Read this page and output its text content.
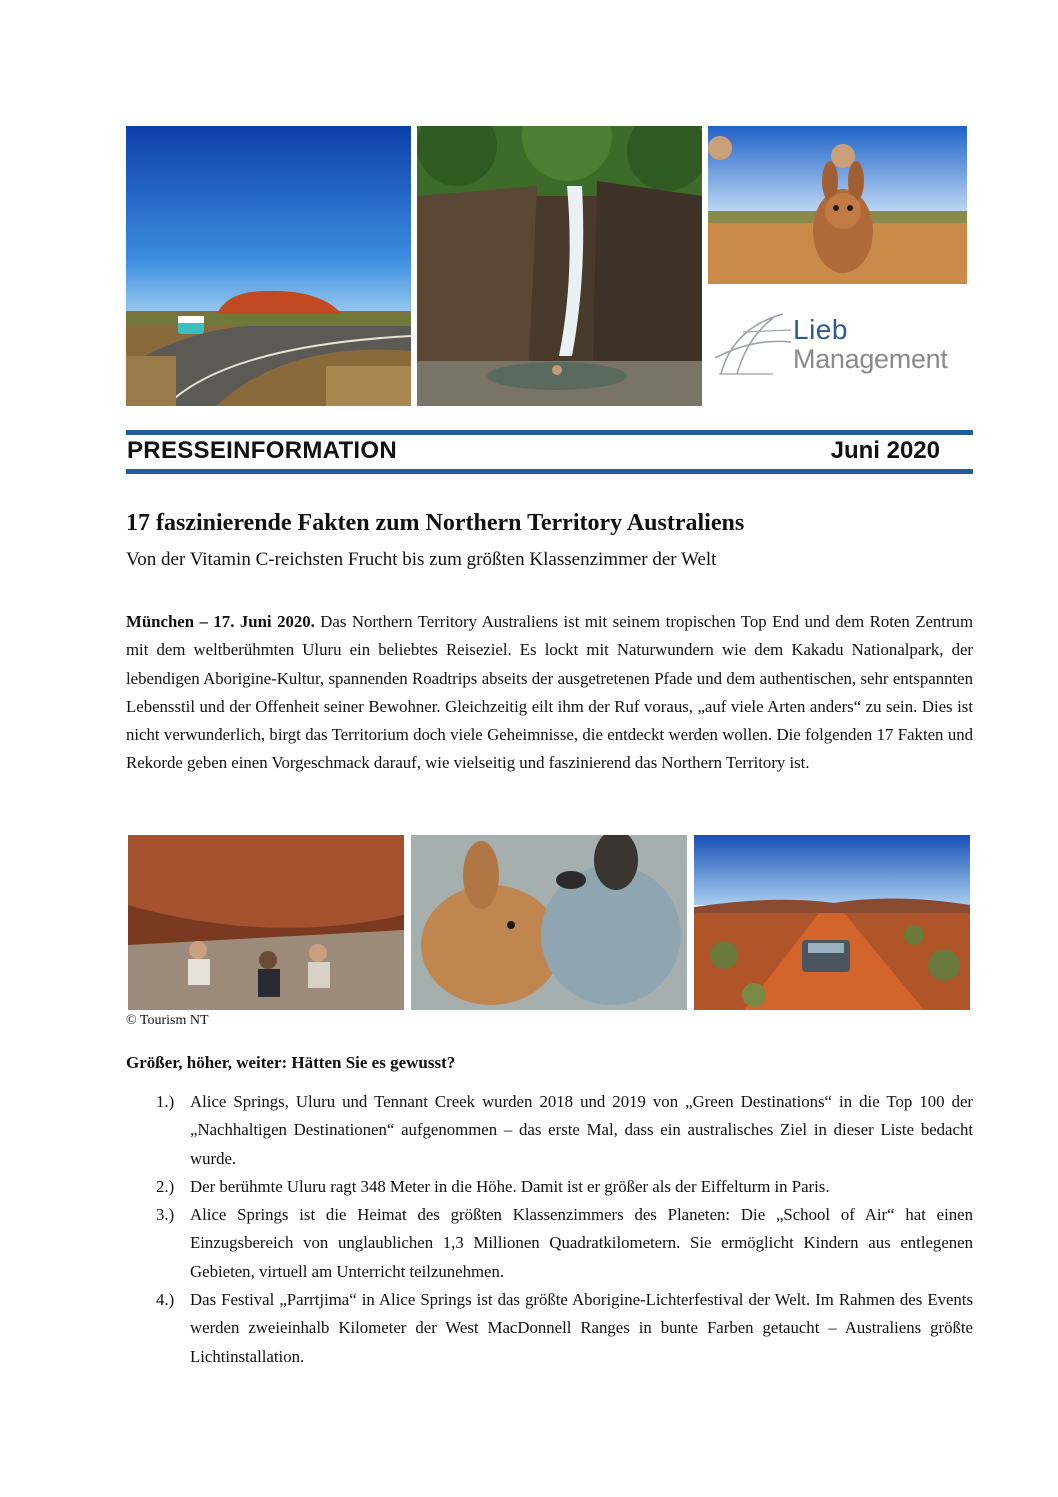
Lieb
Management
PRESSEINFORMATION	Juni 2020
17 faszinierende Fakten zum Northern Territory Australiens
Von der Vitamin C-reichsten Frucht bis zum größten Klassenzimmer der Welt

München – 17. Juni 2020. Das Northern Territory Australiens ist mit seinem tropischen Top End und dem Roten Zentrum mit dem weltberühmten Uluru ein beliebtes Reiseziel. Es lockt mit Naturwundern wie dem Kakadu Nationalpark, der lebendigen Aborigine-Kultur, spannenden Roadtrips abseits der ausgetretenen Pfade und dem authentischen, sehr entspannten Lebensstil und der Offenheit seiner Bewohner. Gleichzeitig eilt ihm der Ruf voraus, „auf viele Arten anders“ zu sein. Dies ist nicht verwunderlich, birgt das Territorium doch viele Geheimnisse, die entdeckt werden wollen. Die folgenden 17 Fakten und Rekorde geben einen Vorgeschmack darauf, wie vielseitig und faszinierend das Northern Territory ist.

© Tourism NT
Größer, höher, weiter: Hätten Sie es gewusst?
1.) Alice Springs, Uluru und Tennant Creek wurden 2018 und 2019 von „Green Destinations“ in die Top 100 der „Nachhaltigen Destinationen“ aufgenommen – das erste Mal, dass ein australisches Ziel in dieser Liste bedacht wurde.
2.) Der berühmte Uluru ragt 348 Meter in die Höhe. Damit ist er größer als der Eiffelturm in Paris.
3.) Alice Springs ist die Heimat des größten Klassenzimmers des Planeten: Die „School of Air“ hat einen Einzugsbereich von unglaublichen 1,3 Millionen Quadratkilometern. Sie ermöglicht Kindern aus entlegenen Gebieten, virtuell am Unterricht teilzunehmen.
4.) Das Festival „Parrtjima“ in Alice Springs ist das größte Aborigine-Lichterfestival der Welt. Im Rahmen des Events werden zweieinhalb Kilometer der West MacDonnell Ranges in bunte Farben getaucht – Australiens größte Lichtinstallation.
